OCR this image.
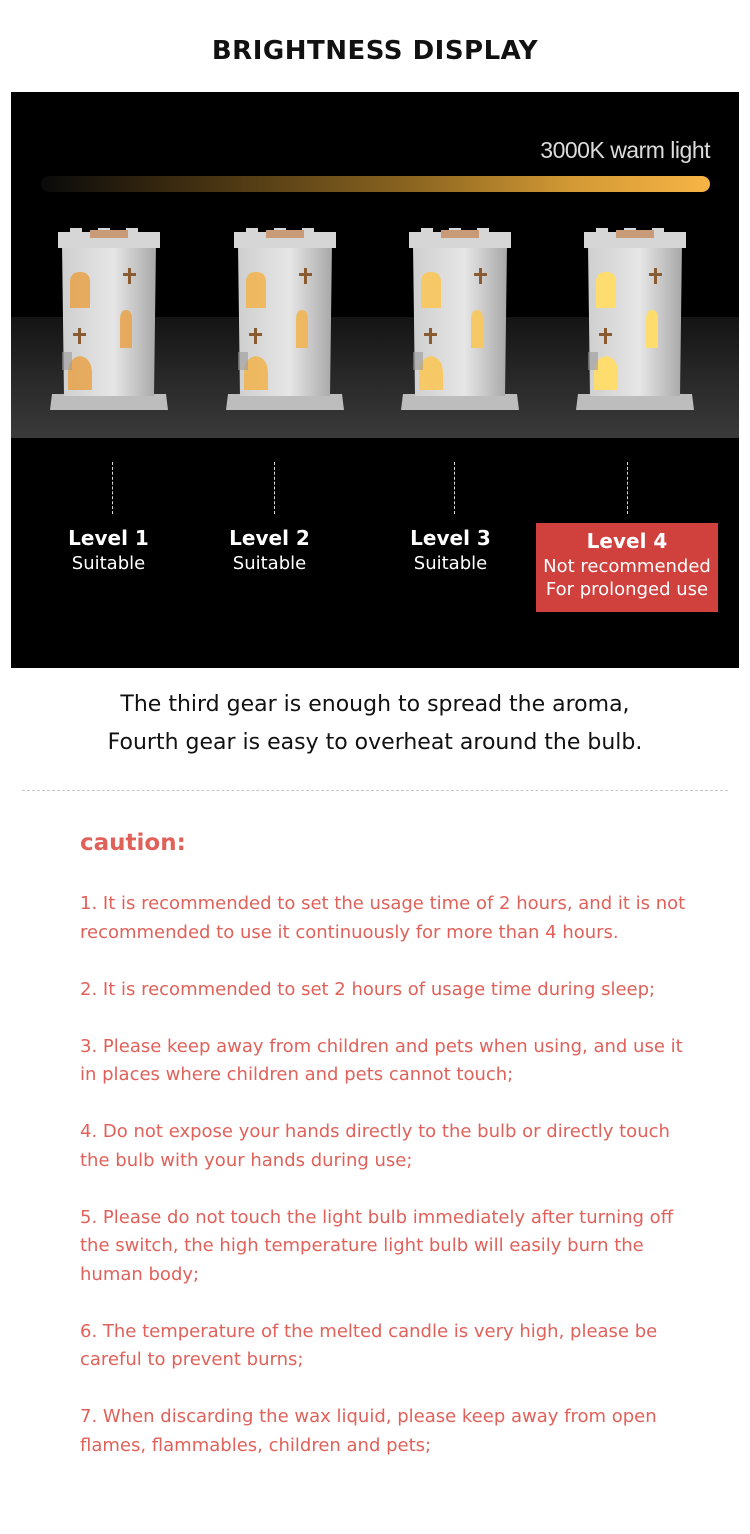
BRIGHTNESS DISPLAY
3000K warm light
Level 1
Suitable
Level 2
Suitable
Level 3
Suitable
Level 4
Not recommended
For prolonged use
The third gear is enough to spread the aroma,
Fourth gear is easy to overheat around the bulb.
caution:
1. It is recommended to set the usage time of 2 hours, and it is not recommended to use it continuously for more than 4 hours.
2. It is recommended to set 2 hours of usage time during sleep;
3. Please keep away from children and pets when using, and use it in places where children and pets cannot touch;
4. Do not expose your hands directly to the bulb or directly touch the bulb with your hands during use;
5. Please do not touch the light bulb immediately after turning off the switch, the high temperature light bulb will easily burn the human body;
6. The temperature of the melted candle is very high, please be careful to prevent burns;
7. When discarding the wax liquid, please keep away from open flames, flammables, children and pets;
